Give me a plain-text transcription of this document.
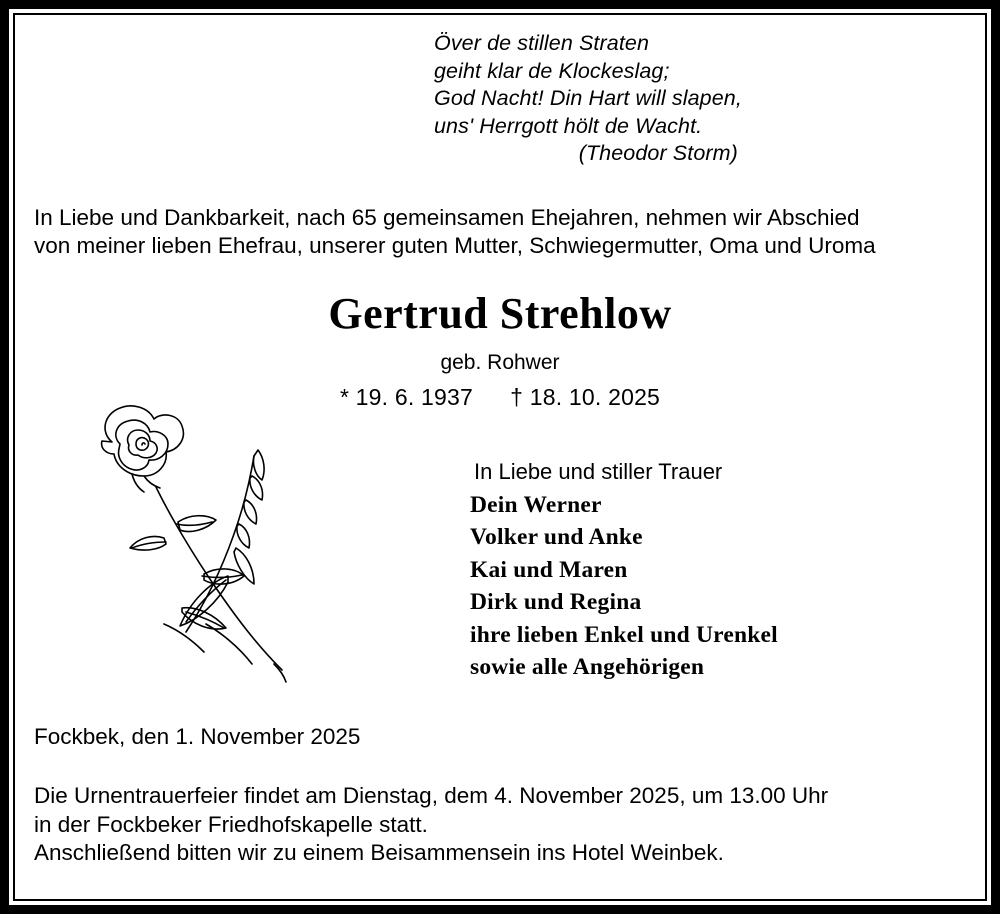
Över de stillen Straten
geiht klar de Klockeslag;
God Nacht! Din Hart will slapen,
uns' Herrgott hölt de Wacht.
(Theodor Storm)
In Liebe und Dankbarkeit, nach 65 gemeinsamen Ehejahren, nehmen wir Abschied
von meiner lieben Ehefrau, unserer guten Mutter, Schwiegermutter, Oma und Uroma
Gertrud Strehlow
geb. Rohwer
* 19. 6. 1937 † 18. 10. 2025
In Liebe und stiller Trauer
Dein Werner
Volker und Anke
Kai und Maren
Dirk und Regina
ihre lieben Enkel und Urenkel
sowie alle Angehörigen
Fockbek, den 1. November 2025
Die Urnentrauerfeier findet am Dienstag, dem 4. November 2025, um 13.00 Uhr
in der Fockbeker Friedhofskapelle statt.
Anschließend bitten wir zu einem Beisammensein ins Hotel Weinbek.
